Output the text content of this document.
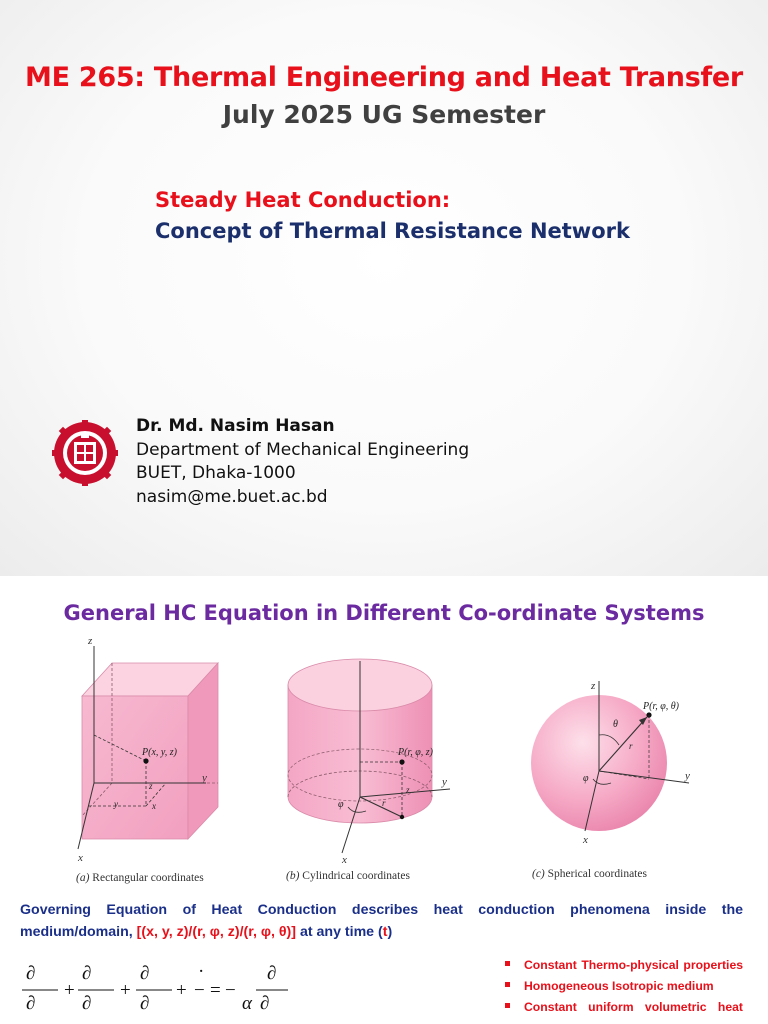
ME 265: Thermal Engineering and Heat Transfer
July 2025 UG Semester
Steady Heat Conduction:
Concept of Thermal Resistance Network
Dr. Md. Nasim Hasan
Department of Mechanical Engineering
BUET, Dhaka-1000
nasim@me.buet.ac.bd
General HC Equation in Different Co-ordinate Systems
z
y
x
P(x, y, z)
z
x
y
(a) Rectangular coordinates
y
x
P(r, φ, z)
z
r
φ
(b) Cylindrical coordinates
z
y
x
P(r, φ, θ)
θ
r
φ
(c) Spherical coordinates
Governing Equation of Heat Conduction describes heat conduction phenomena inside the medium/domain, [(x, y, z)/(r, φ, z)/(r, φ, θ)] at any time (t)
∂
∂
+
∂
∂
+
∂
∂
+
·
− = −
α
∂
∂
Constant Thermo-physical properties
Homogeneous Isotropic medium
Constant uniform volumetric heat
